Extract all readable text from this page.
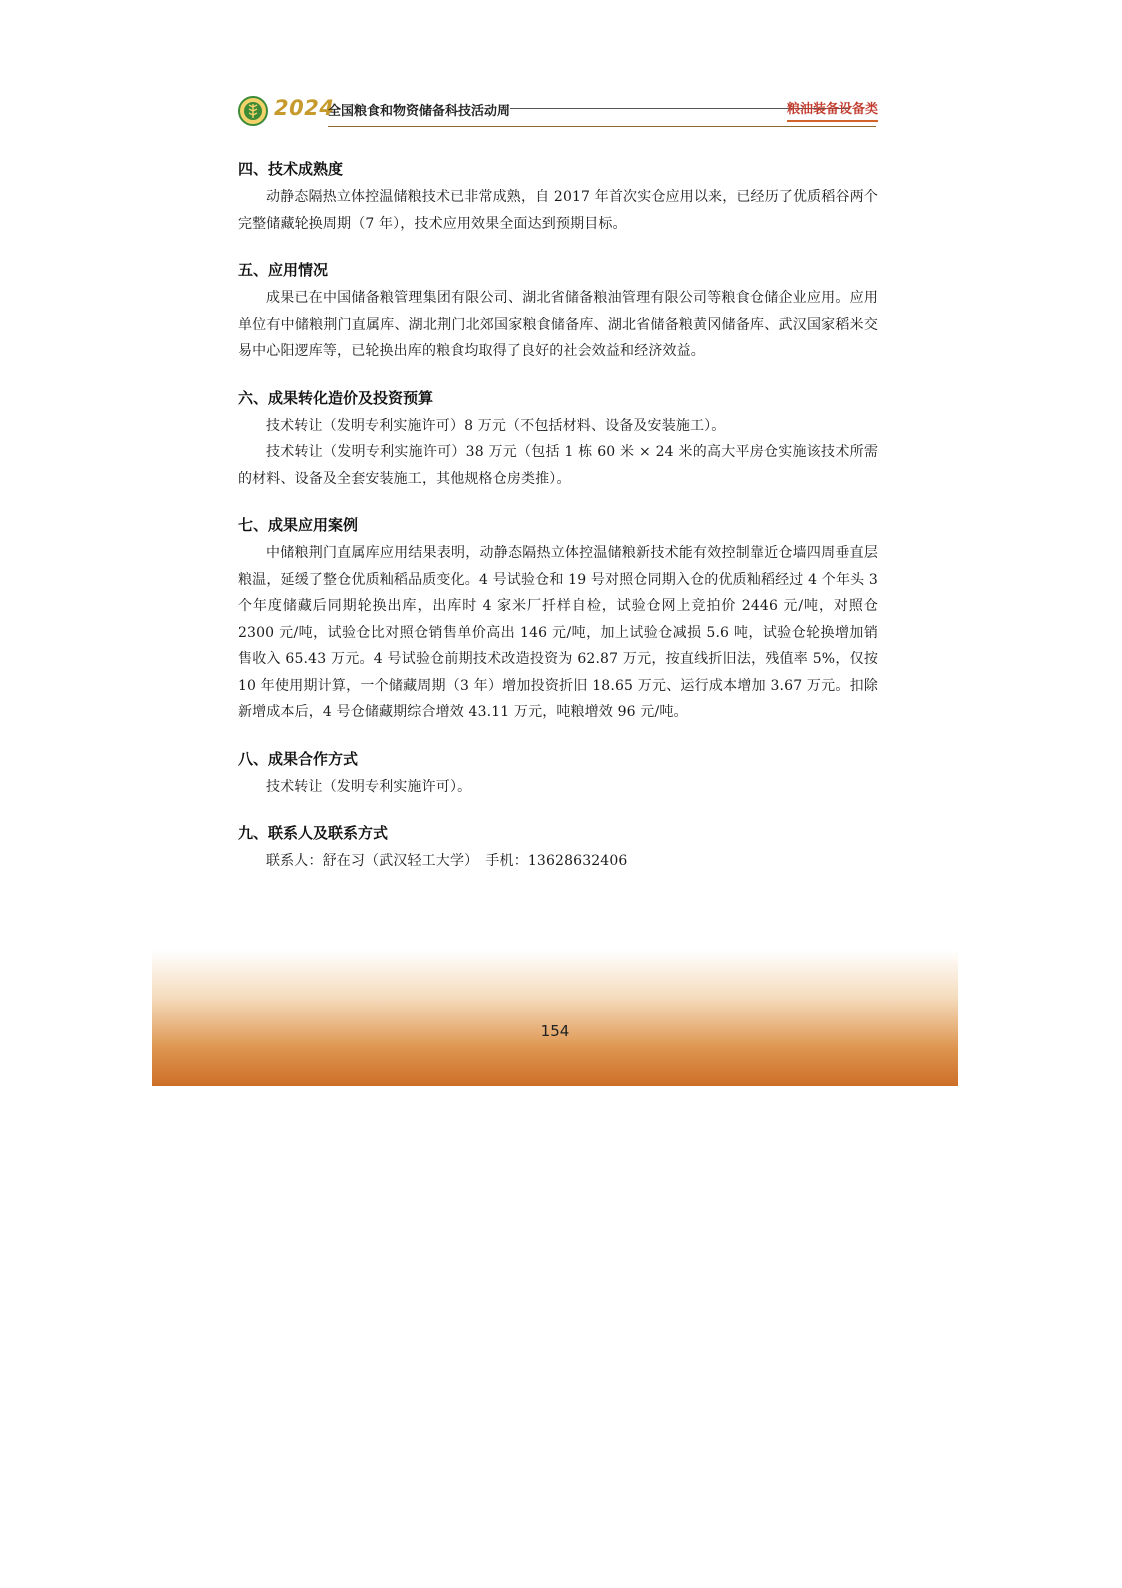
2024
全国粮食和物资储备科技活动周	粮油装备设备类
154
四、技术成熟度

动静态隔热立体控温储粮技术已非常成熟，自 2017 年首次实仓应用以来，已经历了优质稻谷两个完整储藏轮换周期（7 年），技术应用效果全面达到预期目标。

五、应用情况

成果已在中国储备粮管理集团有限公司、湖北省储备粮油管理有限公司等粮食仓储企业应用。应用单位有中储粮荆门直属库、湖北荆门北郊国家粮食储备库、湖北省储备粮黄冈储备库、武汉国家稻米交易中心阳逻库等，已轮换出库的粮食均取得了良好的社会效益和经济效益。

六、成果转化造价及投资预算

技术转让（发明专利实施许可）8 万元（不包括材料、设备及安装施工）。

技术转让（发明专利实施许可）38 万元（包括 1 栋 60 米 × 24 米的高大平房仓实施该技术所需的材料、设备及全套安装施工，其他规格仓房类推）。

七、成果应用案例

中储粮荆门直属库应用结果表明，动静态隔热立体控温储粮新技术能有效控制靠近仓墙四周垂直层粮温，延缓了整仓优质籼稻品质变化。4 号试验仓和 19 号对照仓同期入仓的优质籼稻经过 4 个年头 3 个年度储藏后同期轮换出库，出库时 4 家米厂扦样自检，试验仓网上竞拍价 2446 元/吨，对照仓 2300 元/吨，试验仓比对照仓销售单价高出 146 元/吨，加上试验仓减损 5.6 吨，试验仓轮换增加销售收入 65.43 万元。4 号试验仓前期技术改造投资为 62.87 万元，按直线折旧法，残值率 5%，仅按 10 年使用期计算，一个储藏周期（3 年）增加投资折旧 18.65 万元、运行成本增加 3.67 万元。扣除新增成本后，4 号仓储藏期综合增效 43.11 万元，吨粮增效 96 元/吨。

八、成果合作方式

技术转让（发明专利实施许可）。

九、联系人及联系方式

联系人：舒在习（武汉轻工大学）　手机：13628632406
